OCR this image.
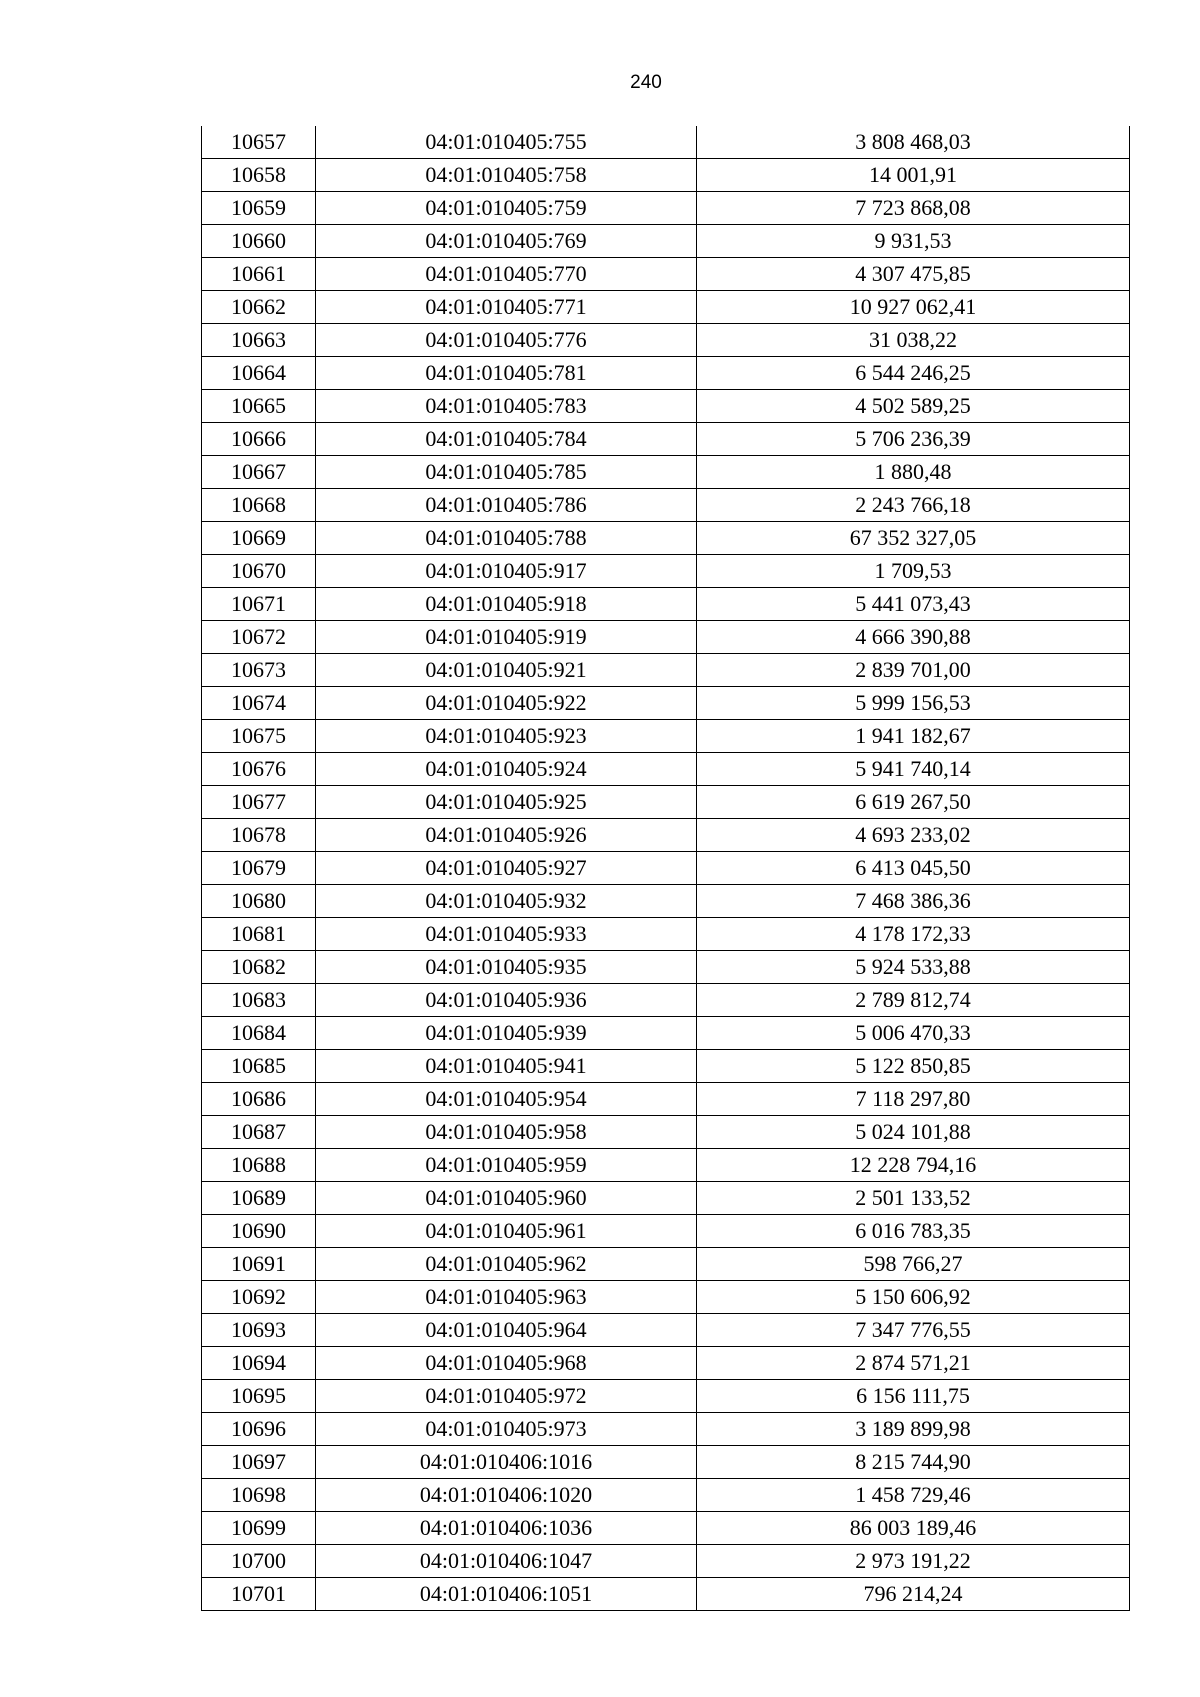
240
10657	04:01:010405:755	3 808 468,03
10658	04:01:010405:758	14 001,91
10659	04:01:010405:759	7 723 868,08
10660	04:01:010405:769	9 931,53
10661	04:01:010405:770	4 307 475,85
10662	04:01:010405:771	10 927 062,41
10663	04:01:010405:776	31 038,22
10664	04:01:010405:781	6 544 246,25
10665	04:01:010405:783	4 502 589,25
10666	04:01:010405:784	5 706 236,39
10667	04:01:010405:785	1 880,48
10668	04:01:010405:786	2 243 766,18
10669	04:01:010405:788	67 352 327,05
10670	04:01:010405:917	1 709,53
10671	04:01:010405:918	5 441 073,43
10672	04:01:010405:919	4 666 390,88
10673	04:01:010405:921	2 839 701,00
10674	04:01:010405:922	5 999 156,53
10675	04:01:010405:923	1 941 182,67
10676	04:01:010405:924	5 941 740,14
10677	04:01:010405:925	6 619 267,50
10678	04:01:010405:926	4 693 233,02
10679	04:01:010405:927	6 413 045,50
10680	04:01:010405:932	7 468 386,36
10681	04:01:010405:933	4 178 172,33
10682	04:01:010405:935	5 924 533,88
10683	04:01:010405:936	2 789 812,74
10684	04:01:010405:939	5 006 470,33
10685	04:01:010405:941	5 122 850,85
10686	04:01:010405:954	7 118 297,80
10687	04:01:010405:958	5 024 101,88
10688	04:01:010405:959	12 228 794,16
10689	04:01:010405:960	2 501 133,52
10690	04:01:010405:961	6 016 783,35
10691	04:01:010405:962	598 766,27
10692	04:01:010405:963	5 150 606,92
10693	04:01:010405:964	7 347 776,55
10694	04:01:010405:968	2 874 571,21
10695	04:01:010405:972	6 156 111,75
10696	04:01:010405:973	3 189 899,98
10697	04:01:010406:1016	8 215 744,90
10698	04:01:010406:1020	1 458 729,46
10699	04:01:010406:1036	86 003 189,46
10700	04:01:010406:1047	2 973 191,22
10701	04:01:010406:1051	796 214,24
